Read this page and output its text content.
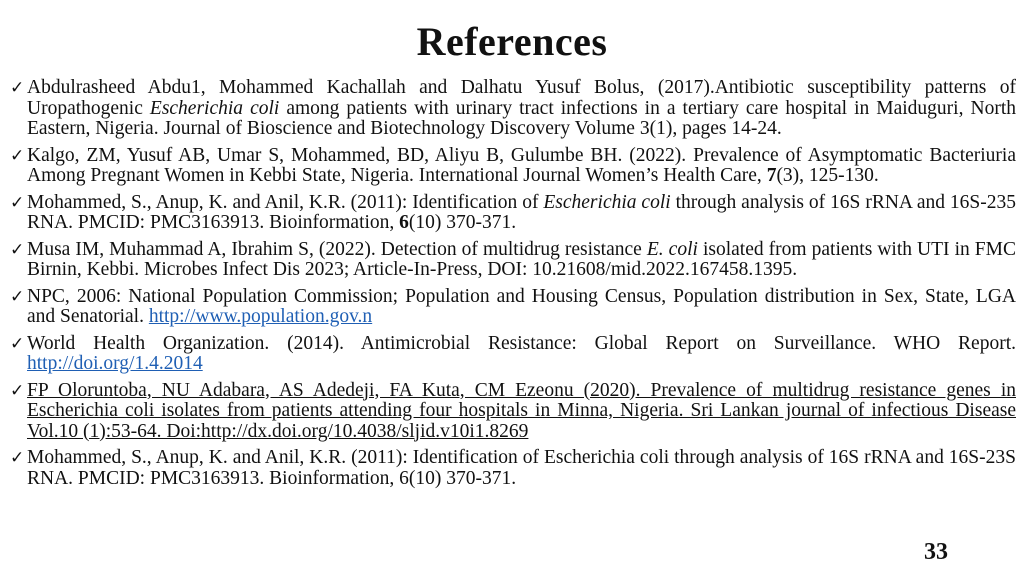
References
✓ Abdulrasheed Abdu1, Mohammed Kachallah and Dalhatu Yusuf Bolus, (2017).Antibiotic susceptibility patterns of Uropathogenic Escherichia coli among patients with urinary tract infections in a tertiary care hospital in Maiduguri, North Eastern, Nigeria. Journal of Bioscience and Biotechnology Discovery Volume 3(1), pages 14-24.
✓ Kalgo, ZM, Yusuf AB, Umar S, Mohammed, BD, Aliyu B, Gulumbe BH. (2022). Prevalence of Asymptomatic Bacteriuria Among Pregnant Women in Kebbi State, Nigeria. International Journal Women’s Health Care, 7(3), 125-130.
✓ Mohammed, S., Anup, K. and Anil, K.R. (2011): Identification of Escherichia coli through analysis of 16S rRNA and 16S-235 RNA. PMCID: PMC3163913. Bioinformation, 6(10) 370-371.
✓ Musa IM, Muhammad A, Ibrahim S, (2022). Detection of multidrug resistance E. coli isolated from patients with UTI in FMC Birnin, Kebbi. Microbes Infect Dis 2023; Article-In-Press, DOI: 10.21608/mid.2022.167458.1395.
✓ NPC, 2006: National Population Commission; Population and Housing Census, Population distribution in Sex, State, LGA and Senatorial. http://www.population.gov.n
✓ World Health Organization. (2014). Antimicrobial Resistance: Global Report on Surveillance. WHO Report. http://doi.org/1.4.2014
✓ FP Oloruntoba, NU Adabara, AS Adedeji, FA Kuta, CM Ezeonu (2020). Prevalence of multidrug resistance genes in Escherichia coli isolates from patients attending four hospitals in Minna, Nigeria. Sri Lankan journal of infectious Disease Vol.10 (1):53-64. Doi:http://dx.doi.org/10.4038/sljid.v10i1.8269
✓ Mohammed, S., Anup, K. and Anil, K.R. (2011): Identification of Escherichia coli through analysis of 16S rRNA and 16S-23S RNA. PMCID: PMC3163913. Bioinformation, 6(10) 370-371.
33
